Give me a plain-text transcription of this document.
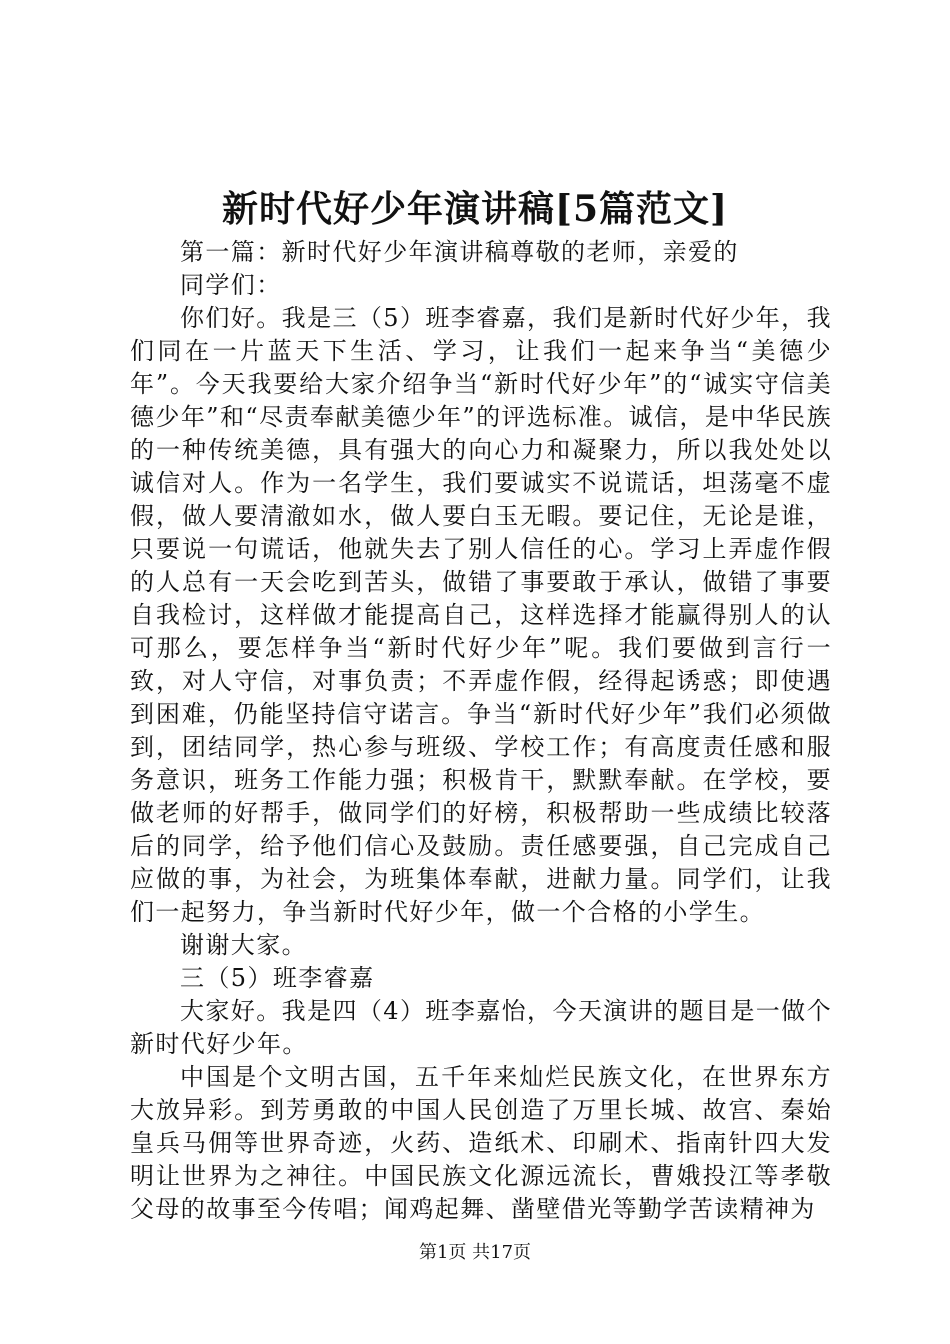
新时代好少年演讲稿[5篇范文]

第一篇：新时代好少年演讲稿尊敬的老师，亲爱的

同学们：

你们好。我是三（5）班李睿嘉，我们是新时代好少年，我们同在一片蓝天下生活、学习，让我们一起来争当“美德少年”。今天我要给大家介绍争当“新时代好少年”的“诚实守信美德少年”和“尽责奉献美德少年”的评选标准。诚信，是中华民族的一种传统美德，具有强大的向心力和凝聚力，所以我处处以诚信对人。作为一名学生，我们要诚实不说谎话，坦荡毫不虚假，做人要清澈如水，做人要白玉无暇。要记住，无论是谁，只要说一句谎话，他就失去了别人信任的心。学习上弄虚作假的人总有一天会吃到苦头，做错了事要敢于承认，做错了事要自我检讨，这样做才能提高自己，这样选择才能赢得别人的认可那么，要怎样争当“新时代好少年”呢。我们要做到言行一致，对人守信，对事负责；不弄虚作假，经得起诱惑；即使遇到困难，仍能坚持信守诺言。争当“新时代好少年”我们必须做到，团结同学，热心参与班级、学校工作；有高度责任感和服务意识，班务工作能力强；积极肯干，默默奉献。在学校，要做老师的好帮手，做同学们的好榜，积极帮助一些成绩比较落后的同学，给予他们信心及鼓励。责任感要强，自己完成自己应做的事，为社会，为班集体奉献，进献力量。同学们，让我们一起努力，争当新时代好少年，做一个合格的小学生。

谢谢大家。

三（5）班李睿嘉

大家好。我是四（4）班李嘉怡，今天演讲的题目是一做个新时代好少年。

中国是个文明古国，五千年来灿烂民族文化，在世界东方大放异彩。到芳勇敢的中国人民创造了万里长城、故宫、秦始皇兵马佣等世界奇迹，火药、造纸术、印刷术、指南针四大发明让世界为之神往。中国民族文化源远流长，曹娥投江等孝敬父母的故事至今传唱；闻鸡起舞、凿壁借光等勤学苦读精神为

第1页 共17页
